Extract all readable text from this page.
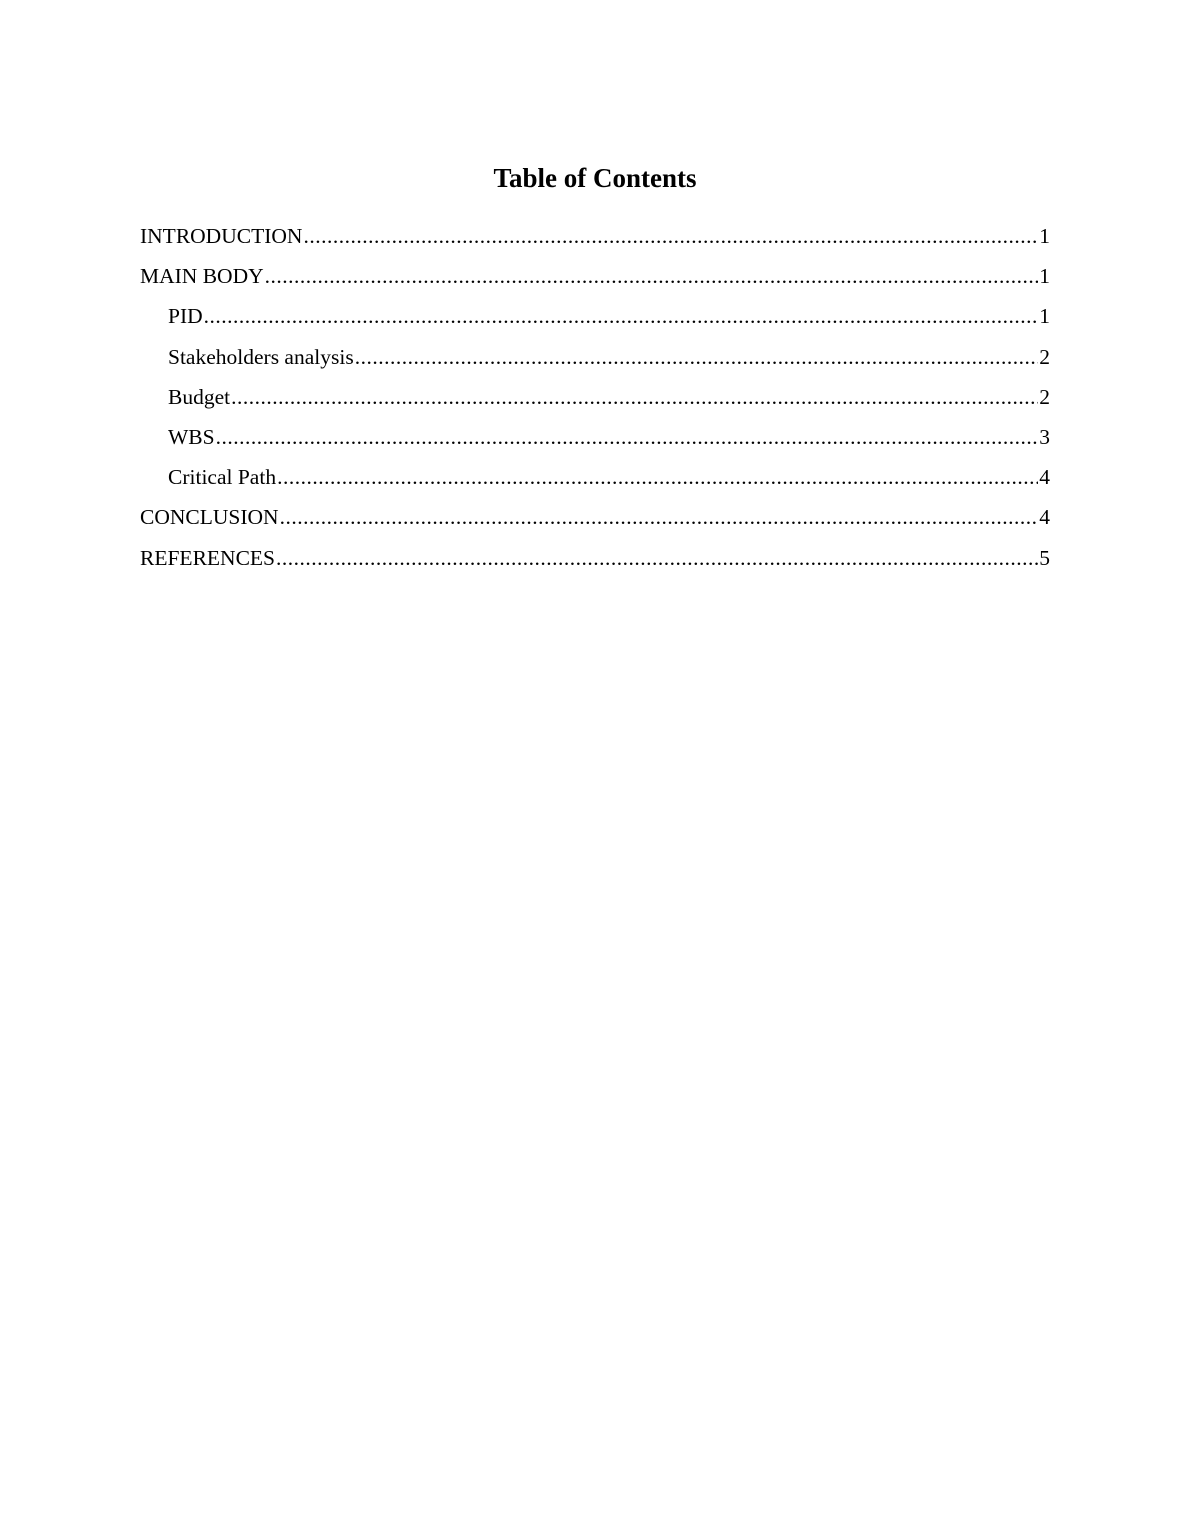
Table of Contents
INTRODUCTION .....	1
MAIN BODY .....	1
PID .....	1
Stakeholders analysis .....	2
Budget .....	2
WBS .....	3
Critical Path .....	4
CONCLUSION .....	4
REFERENCES .....	5
